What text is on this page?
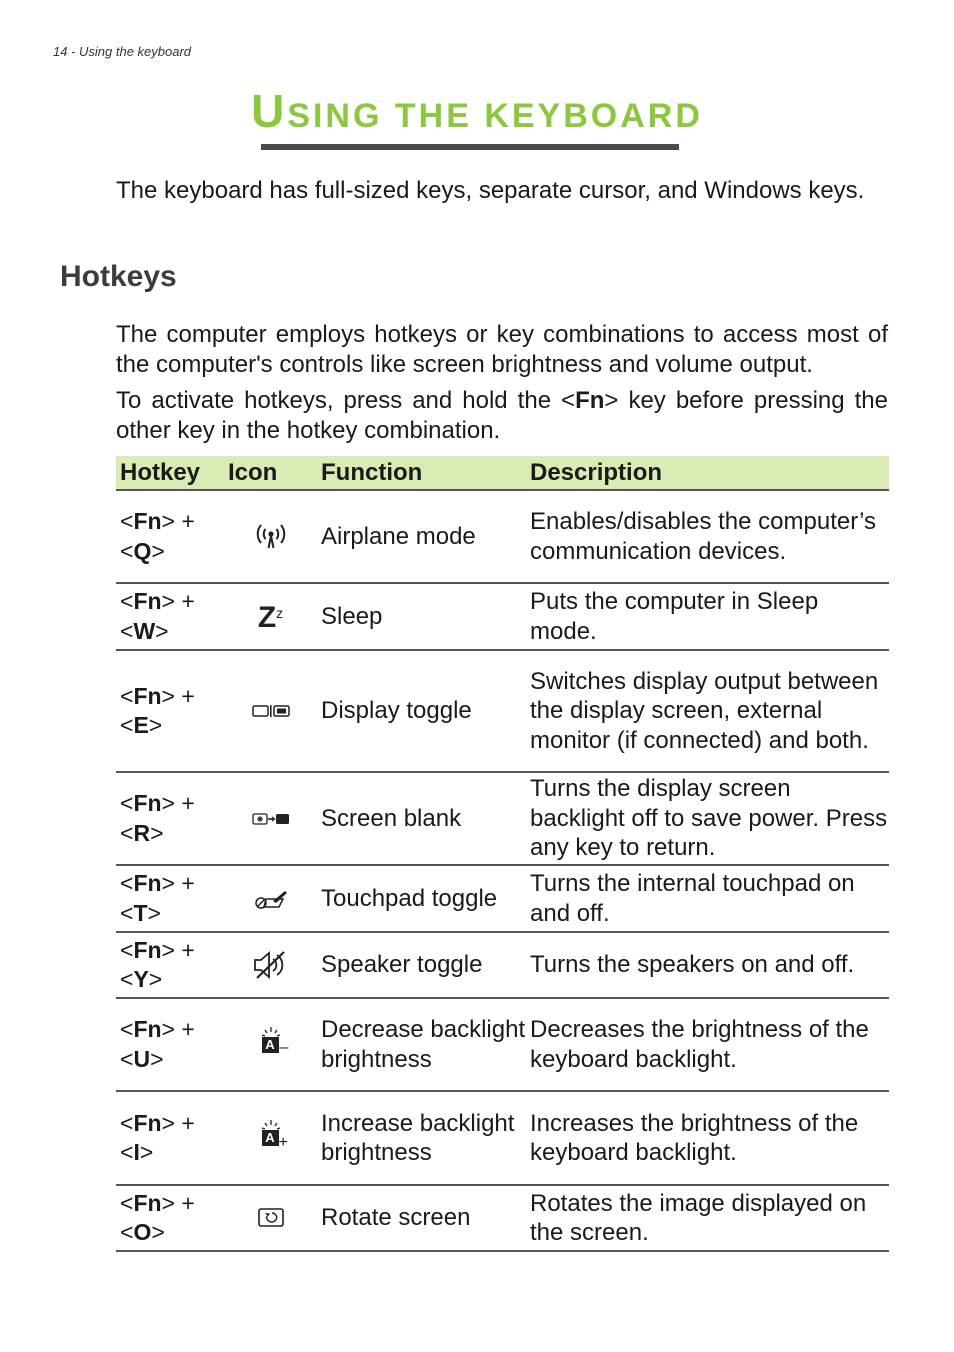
14 - Using the keyboard
USING THE KEYBOARD

The keyboard has full-sized keys, separate cursor, and Windows keys.

Hotkeys

The computer employs hotkeys or key combinations to access most of the computer's controls like screen brightness and volume output.

To activate hotkeys, press and hold the <Fn> key before pressing the other key in the hotkey combination.

Hotkey	Icon	Function	Description
<Fn> +
<Q>		Airplane mode	Enables/disables the computer’s communication devices.
<Fn> +
<W>	$Z^z$	Sleep	Puts the computer in Sleep mode.
<Fn> +
<E>		Display toggle	Switches display output between the display screen, external monitor (if connected) and both.
<Fn> +
<R>		Screen blank	Turns the display screen backlight off to save power. Press any key to return.
<Fn> +
<T>		Touchpad toggle	Turns the internal touchpad on and off.
<Fn> +
<Y>		Speaker toggle	Turns the speakers on and off.
<Fn> +
<U>	A –	Decrease backlight brightness	Decreases the brightness of the keyboard backlight.
<Fn> +
<I>	A +	Increase backlight brightness	Increases the brightness of the keyboard backlight.
<Fn> +
<O>		Rotate screen	Rotates the image displayed on the screen.
